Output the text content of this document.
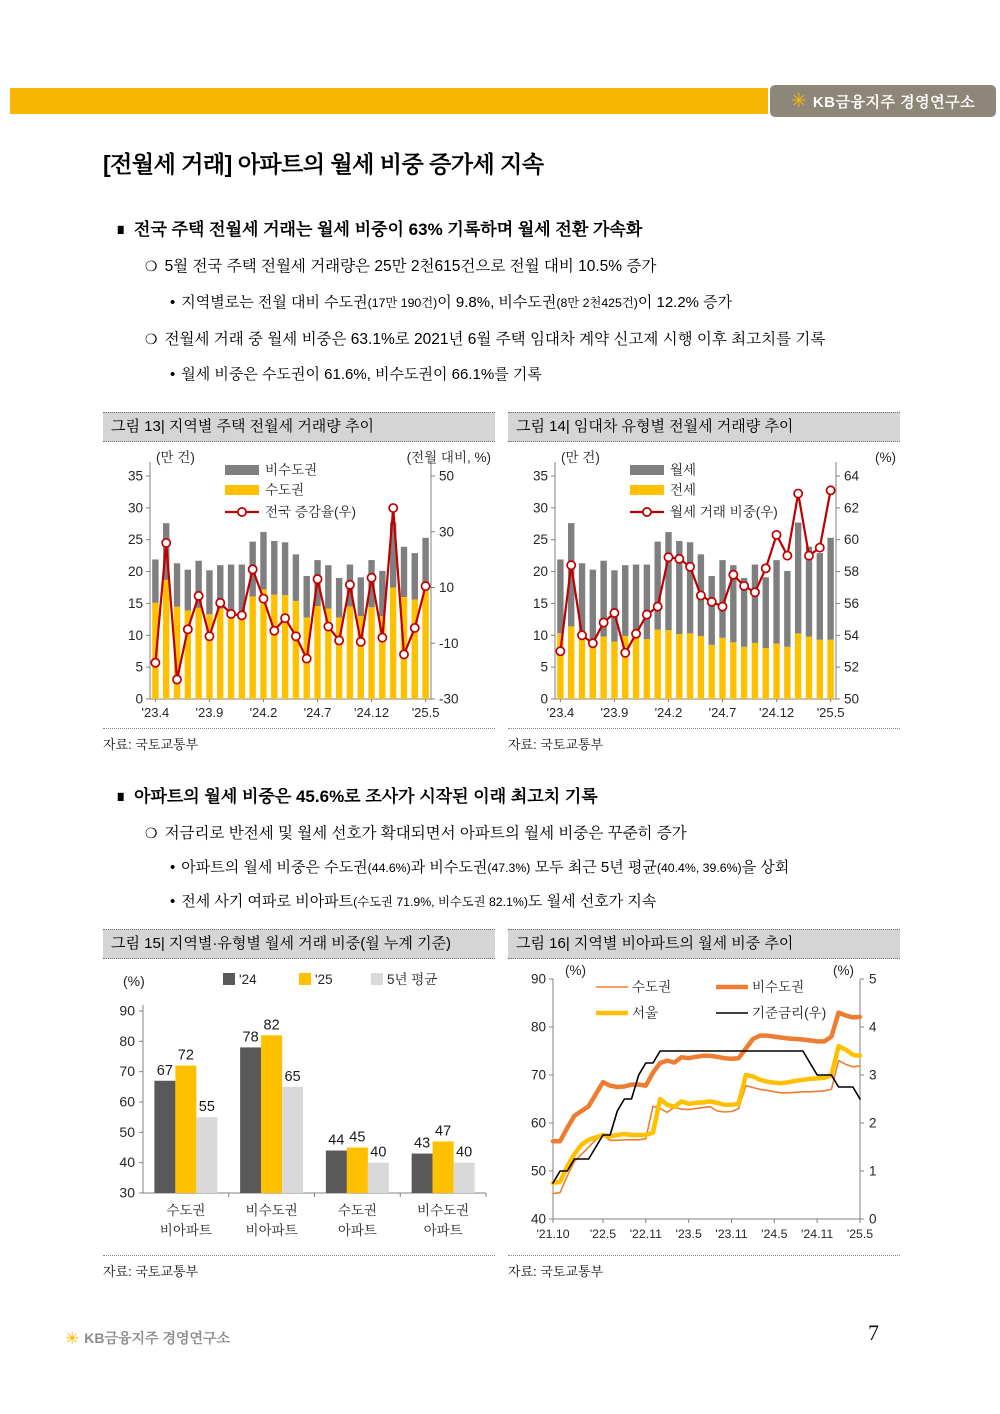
✳ KB금융지주 경영연구소
[전월세 거래] 아파트의 월세 비중 증가세 지속
■ 전국 주택 전월세 거래는 월세 비중이 63% 기록하며 월세 전환 가속화
❍ 5월 전국 주택 전월세 거래량은 25만 2천615건으로 전월 대비 10.5% 증가
• 지역별로는 전월 대비 수도권(17만 190건)이 9.8%, 비수도권(8만 2천425건)이 12.2% 증가
❍ 전월세 거래 중 월세 비중은 63.1%로 2021년 6월 주택 임대차 계약 신고제 시행 이후 최고치를 기록
• 월세 비중은 수도권이 61.6%, 비수도권이 66.1%를 기록
그림 13| 지역별 주택 전월세 거래량 추이
0
5
10
15
20
25
30
35
-30
-10
10
30
50
(만 건)	(전월 대비, %)
'23.4 '23.9 '24.2 '24.7 '24.12 '25.5
비수도권
수도권
전국 증감율(우)
자료: 국토교통부
그림 14| 임대차 유형별 전월세 거래량 추이
0
5
10
15
20
25
30
35
50
52
54
56
58
60
62
64
(만 건)	(%)
'23.4 '23.9 '24.2 '24.7 '24.12 '25.5
월세
전세
월세 거래 비중(우)
자료: 국토교통부
■ 아파트의 월세 비중은 45.6%로 조사가 시작된 이래 최고치 기록
❍ 저금리로 반전세 및 월세 선호가 확대되면서 아파트의 월세 비중은 꾸준히 증가
• 아파트의 월세 비중은 수도권(44.6%)과 비수도권(47.3%) 모두 최근 5년 평균(40.4%, 39.6%)을 상회
• 전세 사기 여파로 비아파트(수도권 71.9%, 비수도권 82.1%)도 월세 선호가 지속
그림 15| 지역별·유형별 월세 거래 비중(월 누계 기준)
30
40
50
60
70
80
90
(%)	'24	'25	5년 평균
67
72
55
수도권
비아파트
78
82
65
비수도권
비아파트
44 45
40
수도권
아파트
43
47
40
비수도권
아파트
자료: 국토교통부
그림 16| 지역별 비아파트의 월세 비중 추이
40
50
60
70
80
90
0
1
2
3
4
5
(%)	(%)
'21.10 '22.5 '22.11 '23.5 '23.11 '24.5 '24.11 '25.5
수도권	비수도권
서울	기준금리(우)
자료: 국토교통부
✳ KB금융지주 경영연구소	7
